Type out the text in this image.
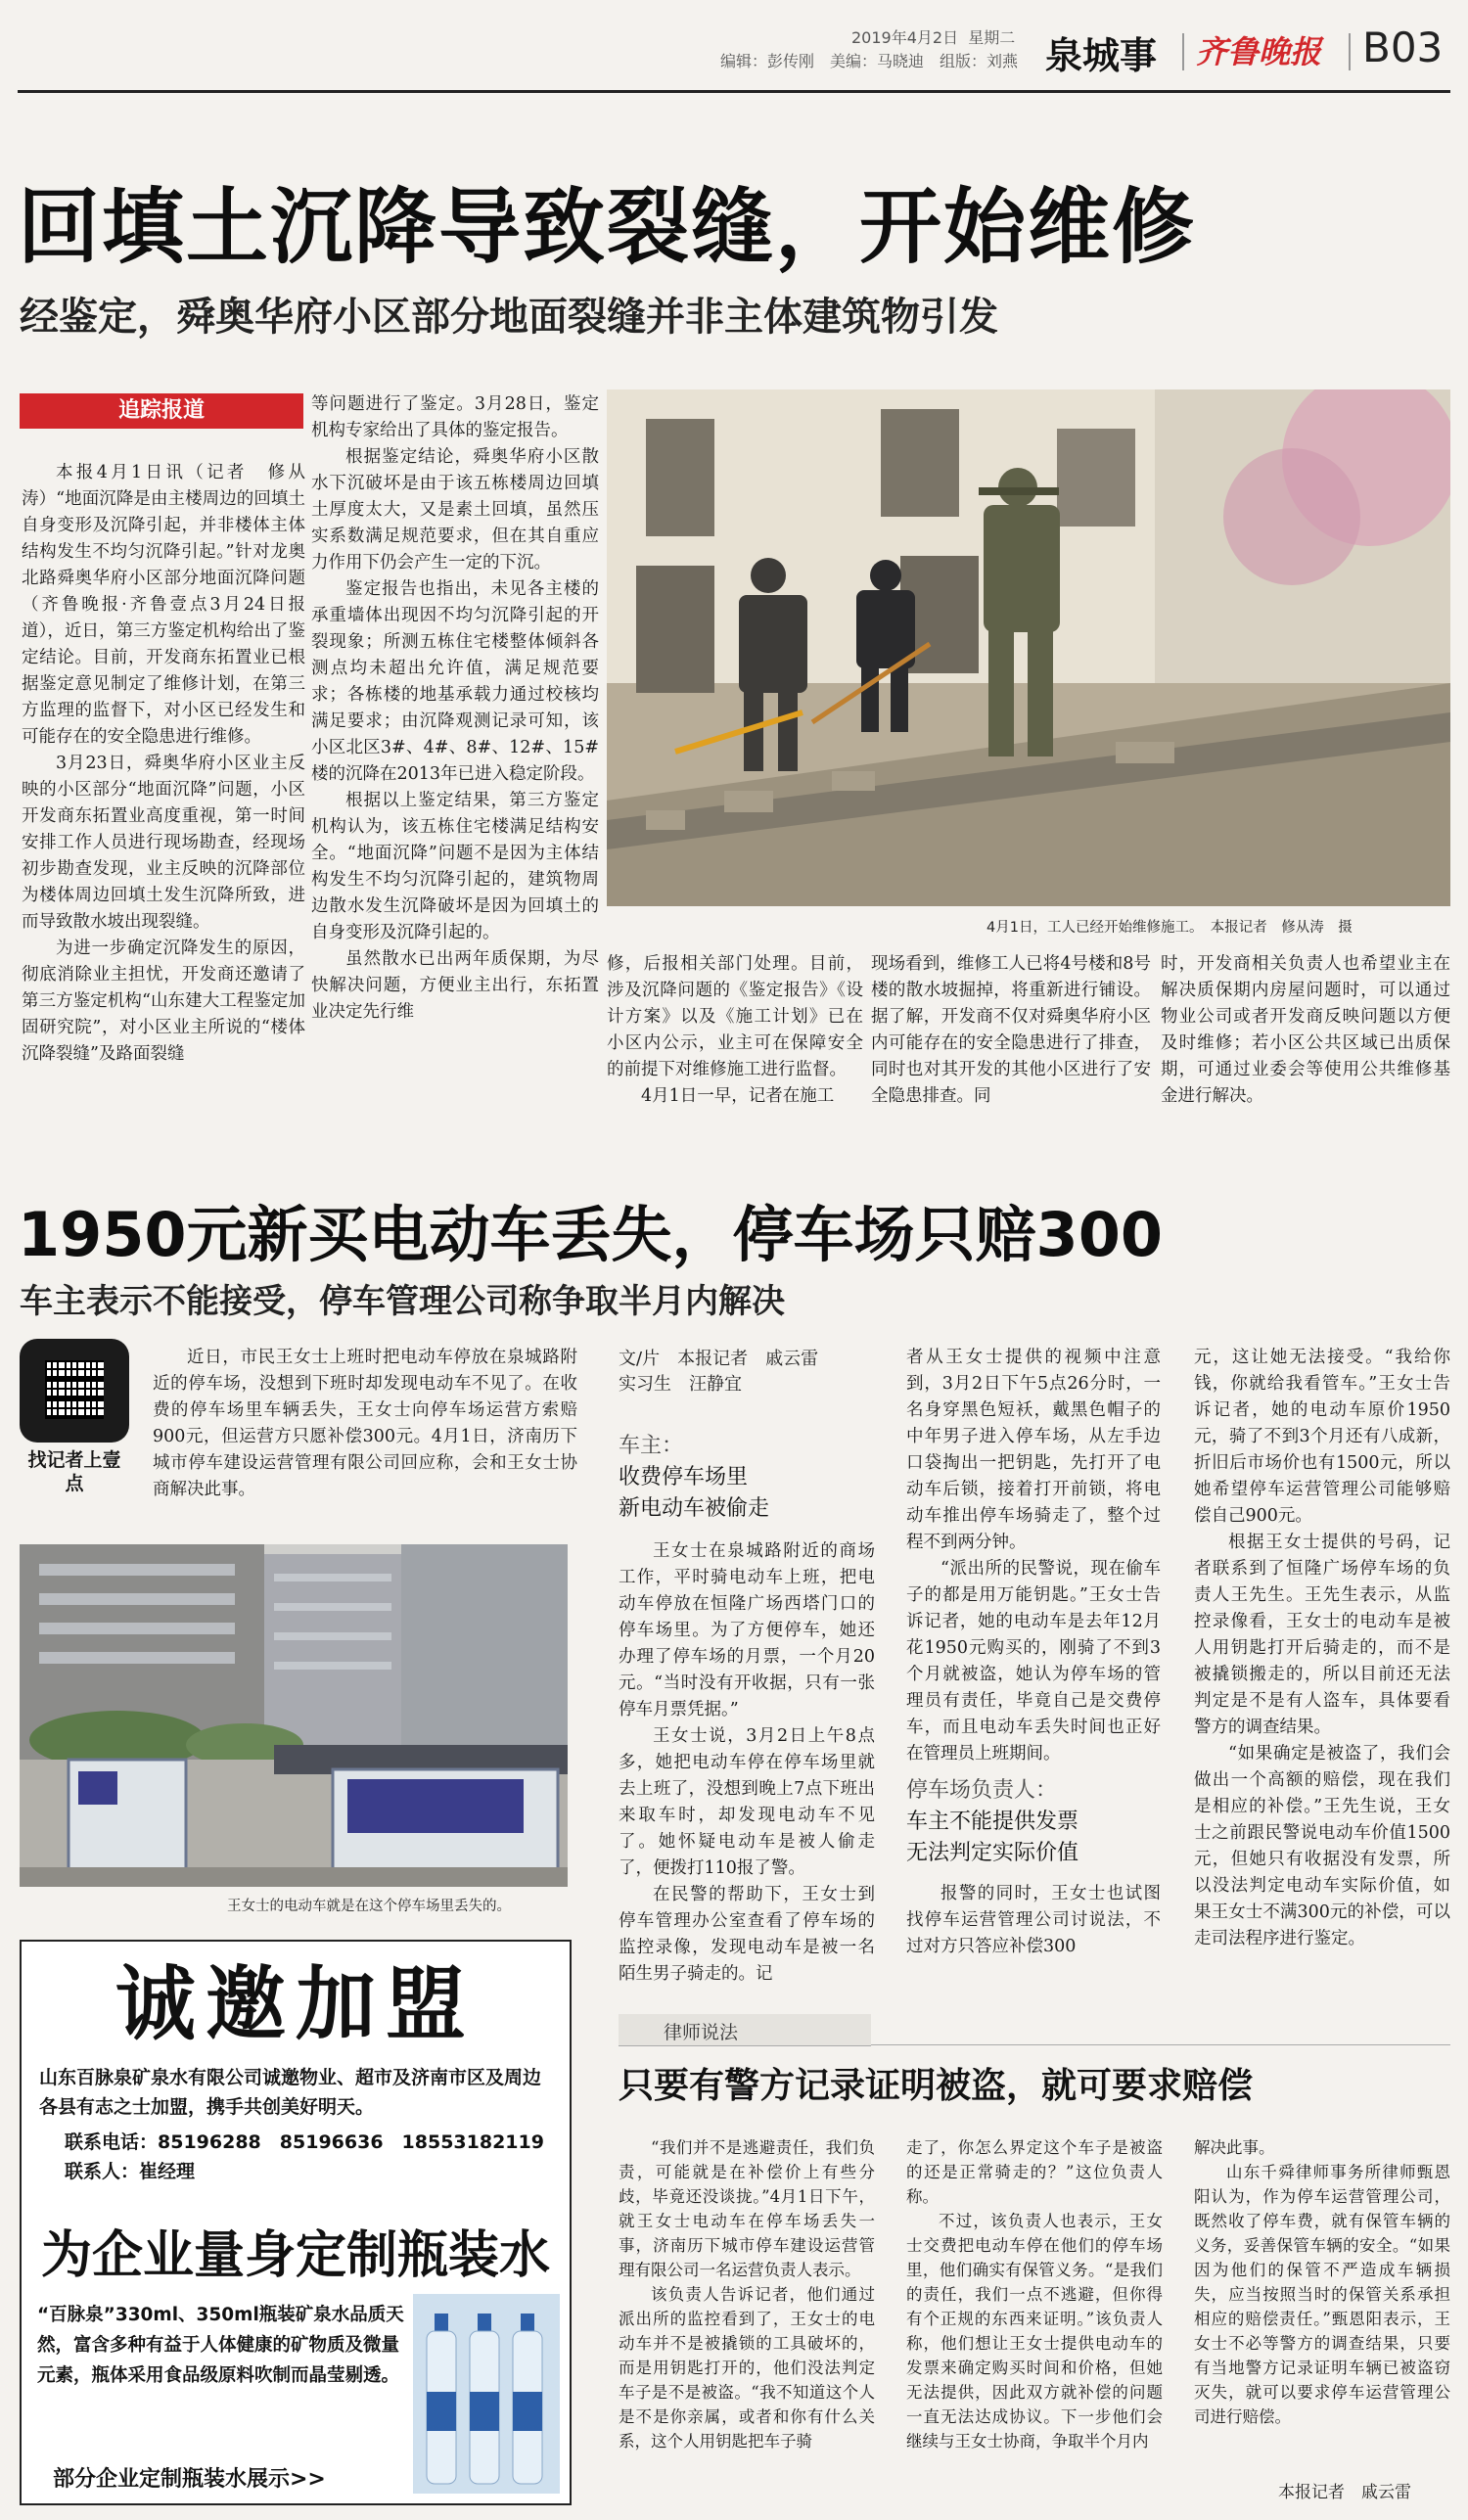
2019年4月2日 星期二
编辑：彭传刚　美编：马晓迪　组版：刘燕 泉城事 齐鲁晚报 B03
回填土沉降导致裂缝，开始维修
经鉴定，舜奥华府小区部分地面裂缝并非主体建筑物引发
追踪报道

本报4月1日讯（记者　修从涛）“地面沉降是由主楼周边的回填土自身变形及沉降引起，并非楼体主体结构发生不均匀沉降引起。”针对龙奥北路舜奥华府小区部分地面沉降问题（齐鲁晚报·齐鲁壹点3月24日报道），近日，第三方鉴定机构给出了鉴定结论。目前，开发商东拓置业已根据鉴定意见制定了维修计划，在第三方监理的监督下，对小区已经发生和可能存在的安全隐患进行维修。

3月23日，舜奥华府小区业主反映的小区部分“地面沉降”问题，小区开发商东拓置业高度重视，第一时间安排工作人员进行现场勘查，经现场初步勘查发现，业主反映的沉降部位为楼体周边回填土发生沉降所致，进而导致散水坡出现裂缝。

为进一步确定沉降发生的原因，彻底消除业主担忧，开发商还邀请了第三方鉴定机构“山东建大工程鉴定加固研究院”，对小区业主所说的“楼体沉降裂缝”及路面裂缝

等问题进行了鉴定。3月28日，鉴定机构专家给出了具体的鉴定报告。

根据鉴定结论，舜奥华府小区散水下沉破坏是由于该五栋楼周边回填土厚度太大，又是素土回填，虽然压实系数满足规范要求，但在其自重应力作用下仍会产生一定的下沉。

鉴定报告也指出，未见各主楼的承重墙体出现因不均匀沉降引起的开裂现象；所测五栋住宅楼整体倾斜各测点均未超出允许值，满足规范要求；各栋楼的地基承载力通过校核均满足要求；由沉降观测记录可知，该小区北区3#、4#、8#、12#、15#楼的沉降在2013年已进入稳定阶段。

根据以上鉴定结果，第三方鉴定机构认为，该五栋住宅楼满足结构安全。“地面沉降”问题不是因为主体结构发生不均匀沉降引起的，建筑物周边散水发生沉降破坏是因为回填土的自身变形及沉降引起的。

虽然散水已出两年质保期，为尽快解决问题，方便业主出行，东拓置业决定先行维

4月1日，工人已经开始维修施工。　本报记者　修从涛　摄

修，后报相关部门处理。目前，涉及沉降问题的《鉴定报告》《设计方案》以及《施工计划》已在小区内公示，业主可在保障安全的前提下对维修施工进行监督。

4月1日一早，记者在施工

现场看到，维修工人已将4号楼和8号楼的散水坡掘掉，将重新进行铺设。据了解，开发商不仅对舜奥华府小区内可能存在的安全隐患进行了排查，同时也对其开发的其他小区进行了安全隐患排查。同

时，开发商相关负责人也希望业主在解决质保期内房屋问题时，可以通过物业公司或者开发商反映问题以方便及时维修；若小区公共区域已出质保期，可通过业委会等使用公共维修基金进行解决。

1950元新买电动车丢失，停车场只赔300
车主表示不能接受，停车管理公司称争取半月内解决
找记者上壹点

近日，市民王女士上班时把电动车停放在泉城路附近的停车场，没想到下班时却发现电动车不见了。在收费的停车场里车辆丢失，王女士向停车场运营方索赔900元，但运营方只愿补偿300元。4月1日，济南历下城市停车建设运营管理有限公司回应称，会和王女士协商解决此事。

王女士的电动车就是在这个停车场里丢失的。
文/片　本报记者　戚云雷
实习生　汪静宜
车主：
收费停车场里
新电动车被偷走

王女士在泉城路附近的商场工作，平时骑电动车上班，把电动车停放在恒隆广场西塔门口的停车场里。为了方便停车，她还办理了停车场的月票，一个月20元。“当时没有开收据，只有一张停车月票凭据。”

王女士说，3月2日上午8点多，她把电动车停在停车场里就去上班了，没想到晚上7点下班出来取车时，却发现电动车不见了。她怀疑电动车是被人偷走了，便拨打110报了警。

在民警的帮助下，王女士到停车管理办公室查看了停车场的监控录像，发现电动车是被一名陌生男子骑走的。记

者从王女士提供的视频中注意到，3月2日下午5点26分时，一名身穿黑色短袄，戴黑色帽子的中年男子进入停车场，从左手边口袋掏出一把钥匙，先打开了电动车后锁，接着打开前锁，将电动车推出停车场骑走了，整个过程不到两分钟。

“派出所的民警说，现在偷车子的都是用万能钥匙。”王女士告诉记者，她的电动车是去年12月花1950元购买的，刚骑了不到3个月就被盗，她认为停车场的管理员有责任，毕竟自己是交费停车，而且电动车丢失时间也正好在管理员上班期间。

停车场负责人：
车主不能提供发票
无法判定实际价值

报警的同时，王女士也试图找停车运营管理公司讨说法，不过对方只答应补偿300

元，这让她无法接受。“我给你钱，你就给我看管车。”王女士告诉记者，她的电动车原价1950元，骑了不到3个月还有八成新，折旧后市场价也有1500元，所以她希望停车运营管理公司能够赔偿自己900元。

根据王女士提供的号码，记者联系到了恒隆广场停车场的负责人王先生。王先生表示，从监控录像看，王女士的电动车是被人用钥匙打开后骑走的，而不是被撬锁搬走的，所以目前还无法判定是不是有人盗车，具体要看警方的调查结果。

“如果确定是被盗了，我们会做出一个高额的赔偿，现在我们是相应的补偿。”王先生说，王女士之前跟民警说电动车价值1500元，但她只有收据没有发票，所以没法判定电动车实际价值，如果王女士不满300元的补偿，可以走司法程序进行鉴定。

律师说法
只要有警方记录证明被盗，就可要求赔偿

“我们并不是逃避责任，我们负责，可能就是在补偿价上有些分歧，毕竟还没谈拢。”4月1日下午，就王女士电动车在停车场丢失一事，济南历下城市停车建设运营管理有限公司一名运营负责人表示。

该负责人告诉记者，他们通过派出所的监控看到了，王女士的电动车并不是被撬锁的工具破坏的，而是用钥匙打开的，他们没法判定车子是不是被盗。“我不知道这个人是不是你亲属，或者和你有什么关系，这个人用钥匙把车子骑

走了，你怎么界定这个车子是被盗的还是正常骑走的？”这位负责人称。

不过，该负责人也表示，王女士交费把电动车停在他们的停车场里，他们确实有保管义务。“是我们的责任，我们一点不逃避，但你得有个正规的东西来证明。”该负责人称，他们想让王女士提供电动车的发票来确定购买时间和价格，但她无法提供，因此双方就补偿的问题一直无法达成协议。下一步他们会继续与王女士协商，争取半个月内

解决此事。

山东千舜律师事务所律师甄恩阳认为，作为停车运营管理公司，既然收了停车费，就有保管车辆的义务，妥善保管车辆的安全。“如果因为他们的保管不严造成车辆损失，应当按照当时的保管关系承担相应的赔偿责任。”甄恩阳表示，王女士不必等警方的调查结果，只要有当地警方记录证明车辆已被盗窃灭失，就可以要求停车运营管理公司进行赔偿。

本报记者　戚云雷
诚邀加盟
山东百脉泉矿泉水有限公司诚邀物业、超市及济南市区及周边各县有志之士加盟，携手共创美好明天。
联系电话：85196288　85196636　18553182119
联系人：崔经理
为企业量身定制瓶装水
“百脉泉”330ml、350ml瓶装矿泉水品质天然，富含多种有益于人体健康的矿物质及微量元素，瓶体采用食品级原料吹制而晶莹剔透。
部分企业定制瓶装水展示>>
